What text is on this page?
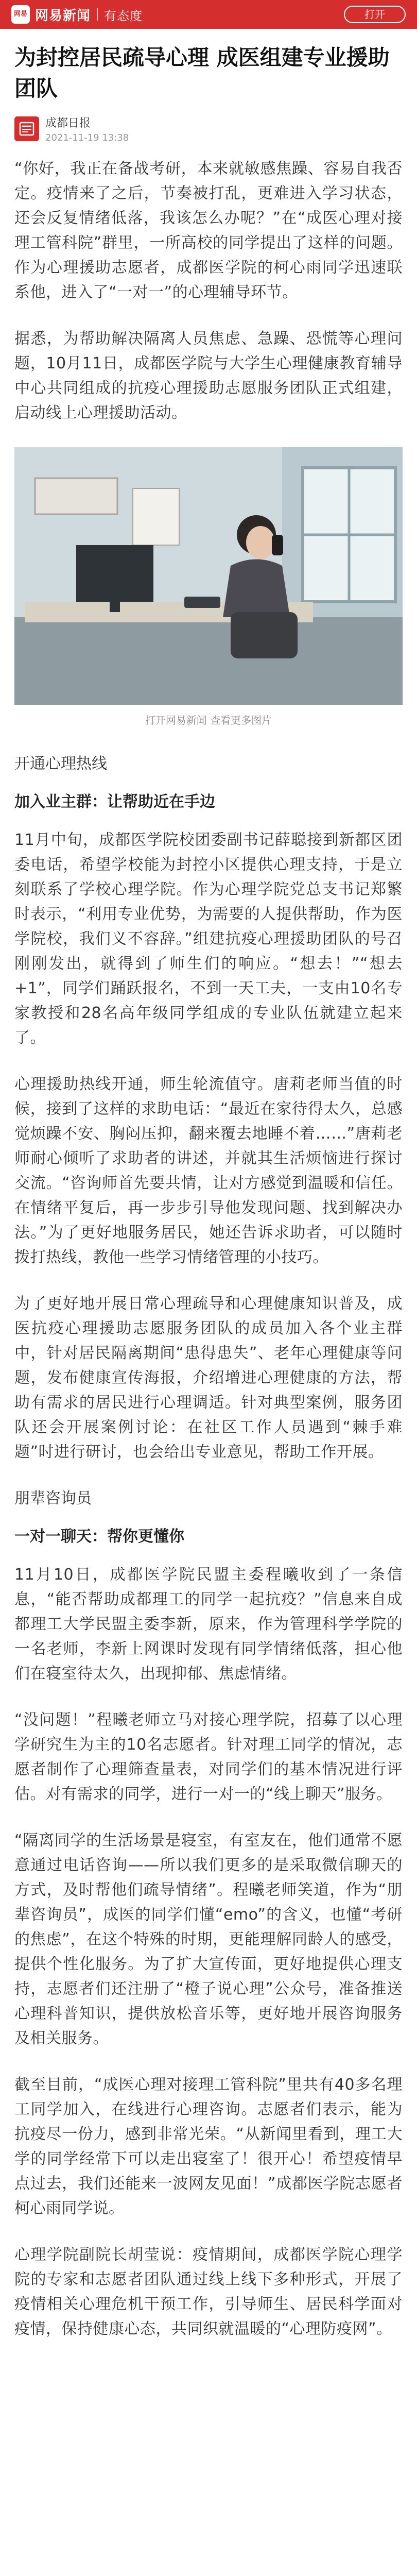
网易 网易新闻 有态度	打开
为封控居民疏导心理 成医组建专业援助团队
成都日报
2021-11-19 13:38

“你好，我正在备战考研，本来就敏感焦躁、容易自我否定。疫情来了之后，节奏被打乱，更难进入学习状态，还会反复情绪低落，我该怎么办呢？”在“成医心理对接理工管科院”群里，一所高校的同学提出了这样的问题。作为心理援助志愿者，成都医学院的柯心雨同学迅速联系他，进入了“一对一”的心理辅导环节。

据悉，为帮助解决隔离人员焦虑、急躁、恐慌等心理问题，10月11日，成都医学院与大学生心理健康教育辅导中心共同组成的抗疫心理援助志愿服务团队正式组建，启动线上心理援助活动。

打开网易新闻 查看更多图片
开通心理热线
加入业主群：让帮助近在手边

11月中旬，成都医学院校团委副书记薛聪接到新都区团委电话，希望学校能为封控小区提供心理支持，于是立刻联系了学校心理学院。作为心理学院党总支书记郑繁时表示，“利用专业优势，为需要的人提供帮助，作为医学院校，我们义不容辞。”组建抗疫心理援助团队的号召刚刚发出，就得到了师生们的响应。“想去！”“想去+1”，同学们踊跃报名，不到一天工夫，一支由10名专家教授和28名高年级同学组成的专业队伍就建立起来了。

心理援助热线开通，师生轮流值守。唐莉老师当值的时候，接到了这样的求助电话：“最近在家待得太久，总感觉烦躁不安、胸闷压抑，翻来覆去地睡不着……”唐莉老师耐心倾听了求助者的讲述，并就其生活烦恼进行探讨交流。“咨询师首先要共情，让对方感觉到温暖和信任。在情绪平复后，再一步步引导他发现问题、找到解决办法。”为了更好地服务居民，她还告诉求助者，可以随时拨打热线，教他一些学习情绪管理的小技巧。

为了更好地开展日常心理疏导和心理健康知识普及，成医抗疫心理援助志愿服务团队的成员加入各个业主群中，针对居民隔离期间“患得患失”、老年心理健康等问题，发布健康宣传海报，介绍增进心理健康的方法，帮助有需求的居民进行心理调适。针对典型案例，服务团队还会开展案例讨论：在社区工作人员遇到“棘手难题”时进行研讨，也会给出专业意见，帮助工作开展。

朋辈咨询员
一对一聊天：帮你更懂你

11月10日，成都医学院民盟主委程曦收到了一条信息，“能否帮助成都理工的同学一起抗疫？”信息来自成都理工大学民盟主委李新，原来，作为管理科学学院的一名老师，李新上网课时发现有同学情绪低落，担心他们在寝室待太久，出现抑郁、焦虑情绪。

“没问题！”程曦老师立马对接心理学院，招募了以心理学研究生为主的10名志愿者。针对理工同学的情况，志愿者制作了心理筛查量表，对同学们的基本情况进行评估。对有需求的同学，进行一对一的“线上聊天”服务。

“隔离同学的生活场景是寝室，有室友在，他们通常不愿意通过电话咨询——所以我们更多的是采取微信聊天的方式，及时帮他们疏导情绪”。程曦老师笑道，作为“朋辈咨询员”，成医的同学们懂“emo”的含义，也懂“考研的焦虑”，在这个特殊的时期，更能理解同龄人的感受，提供个性化服务。为了扩大宣传面，更好地提供心理支持，志愿者们还注册了“橙子说心理”公众号，准备推送心理科普知识，提供放松音乐等，更好地开展咨询服务及相关服务。

截至目前，“成医心理对接理工管科院”里共有40多名理工同学加入，在线进行心理咨询。志愿者们表示，能为抗疫尽一份力，感到非常光荣。“从新闻里看到，理工大学的同学经常下可以走出寝室了！很开心！希望疫情早点过去，我们还能来一波网友见面！”成都医学院志愿者柯心雨同学说。

心理学院副院长胡莹说：疫情期间，成都医学院心理学院的专家和志愿者团队通过线上线下多种形式，开展了疫情相关心理危机干预工作，引导师生、居民科学面对疫情，保持健康心态，共同织就温暖的“心理防疫网”。
